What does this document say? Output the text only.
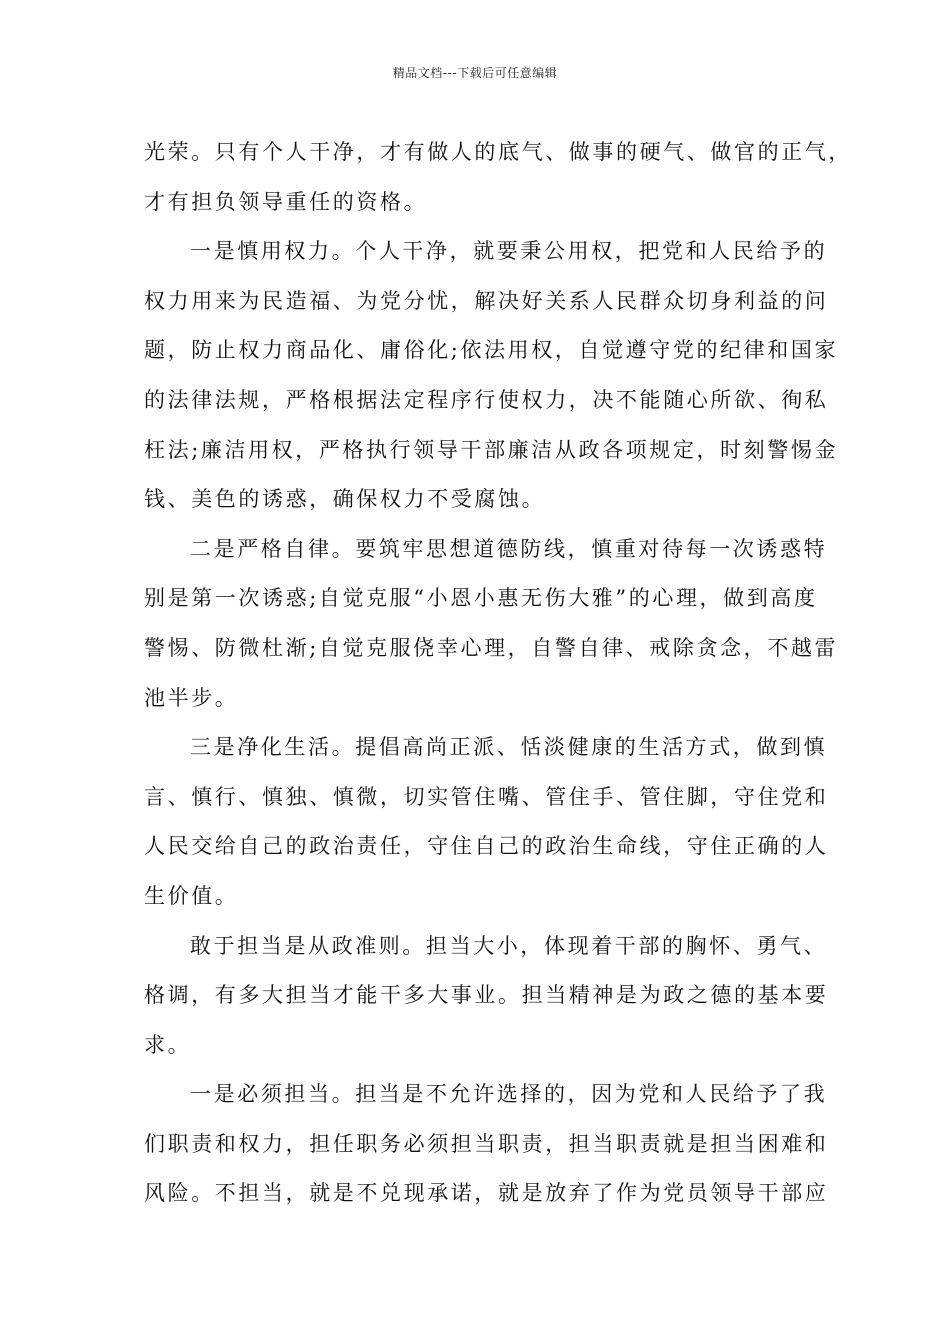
精品文档---下载后可任意编辑
光荣。只有个人干净，才有做人的底气、做事的硬气、做官的正气，
才有担负领导重任的资格。
一是慎用权力。个人干净，就要秉公用权，把党和人民给予的
权力用来为民造福、为党分忧，解决好关系人民群众切身利益的问
题，防止权力商品化、庸俗化;依法用权，自觉遵守党的纪律和国家
的法律法规，严格根据法定程序行使权力，决不能随心所欲、徇私
枉法;廉洁用权，严格执行领导干部廉洁从政各项规定，时刻警惕金
钱、美色的诱惑，确保权力不受腐蚀。
二是严格自律。要筑牢思想道德防线，慎重对待每一次诱惑特
别是第一次诱惑;自觉克服“小恩小惠无伤大雅”的心理，做到高度
警惕、防微杜渐;自觉克服侥幸心理，自警自律、戒除贪念，不越雷
池半步。
三是净化生活。提倡高尚正派、恬淡健康的生活方式，做到慎
言、慎行、慎独、慎微，切实管住嘴、管住手、管住脚，守住党和
人民交给自己的政治责任，守住自己的政治生命线，守住正确的人
生价值。
敢于担当是从政准则。担当大小，体现着干部的胸怀、勇气、
格调，有多大担当才能干多大事业。担当精神是为政之德的基本要
求。
一是必须担当。担当是不允许选择的，因为党和人民给予了我
们职责和权力，担任职务必须担当职责，担当职责就是担当困难和
风险。不担当，就是不兑现承诺，就是放弃了作为党员领导干部应
